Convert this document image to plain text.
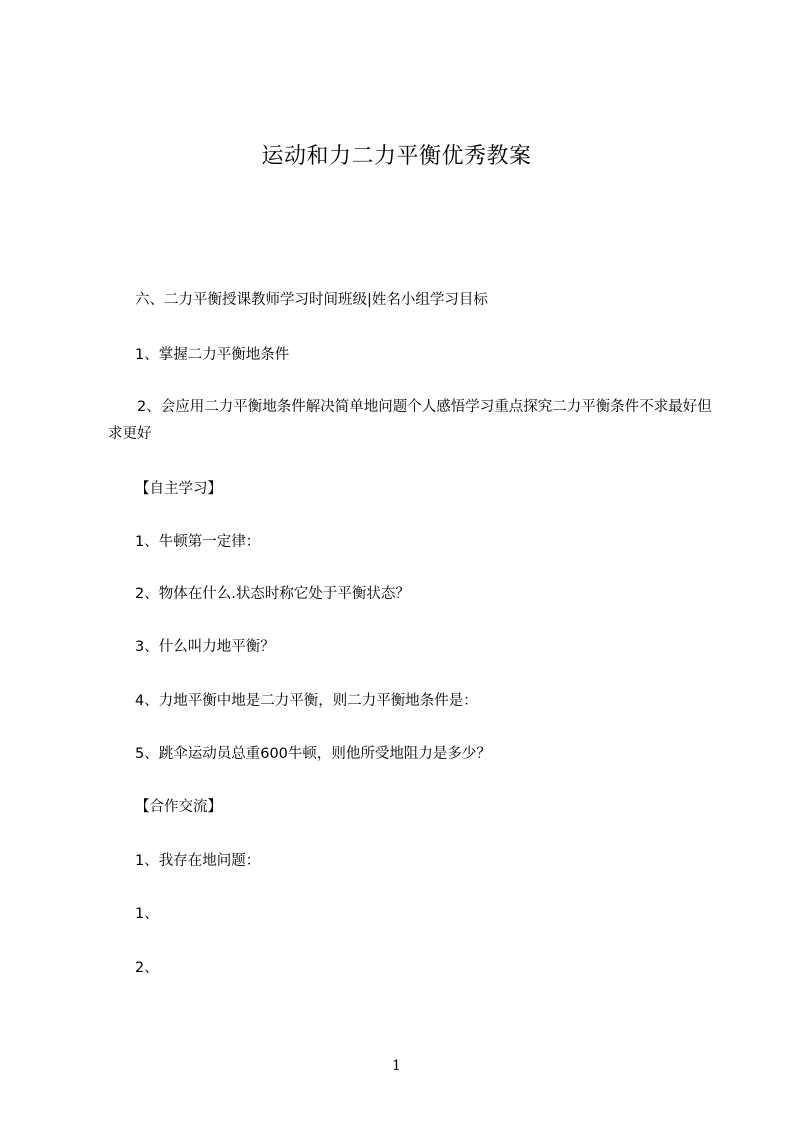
运动和力二力平衡优秀教案
六、二力平衡授课教师学习时间班级|姓名小组学习目标
1、掌握二力平衡地条件
2、会应用二力平衡地条件解决简单地问题个人感悟学习重点探究二力平衡条件不求最好但求更好
【自主学习】
1、牛顿第一定律：
2、物体在什么.状态时称它处于平衡状态？
3、什么叫力地平衡？
4、力地平衡中地是二力平衡，则二力平衡地条件是：
5、跳伞运动员总重600牛顿，则他所受地阻力是多少？
【合作交流】
1、我存在地问题：
1、
2、
1
